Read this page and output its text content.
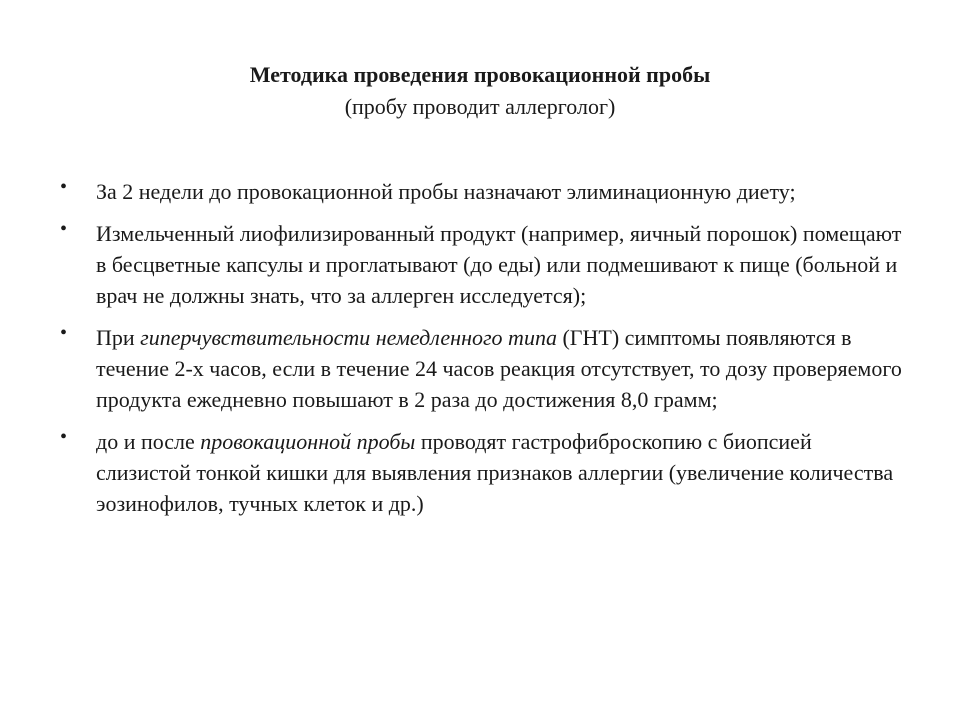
Методика проведения провокационной пробы

(пробу проводит аллерголог)

• За 2 недели до провокационной пробы назначают элиминационную диету;
• Измельченный лиофилизированный продукт (например, яичный порошок) помещают в бесцветные капсулы и проглатывают (до еды) или подмешивают к пище (больной и врач не должны знать, что за аллерген исследуется);
• При гиперчувствительности немедленного типа (ГНТ) симптомы появляются в течение 2-х часов, если в течение 24 часов реакция отсутствует, то дозу проверяемого продукта ежедневно повышают в 2 раза до достижения 8,0 грамм;
• до и после провокационной пробы проводят гастрофиброскопию с биопсией слизистой тонкой кишки для выявления признаков аллергии (увеличение количества эозинофилов, тучных клеток и др.)
